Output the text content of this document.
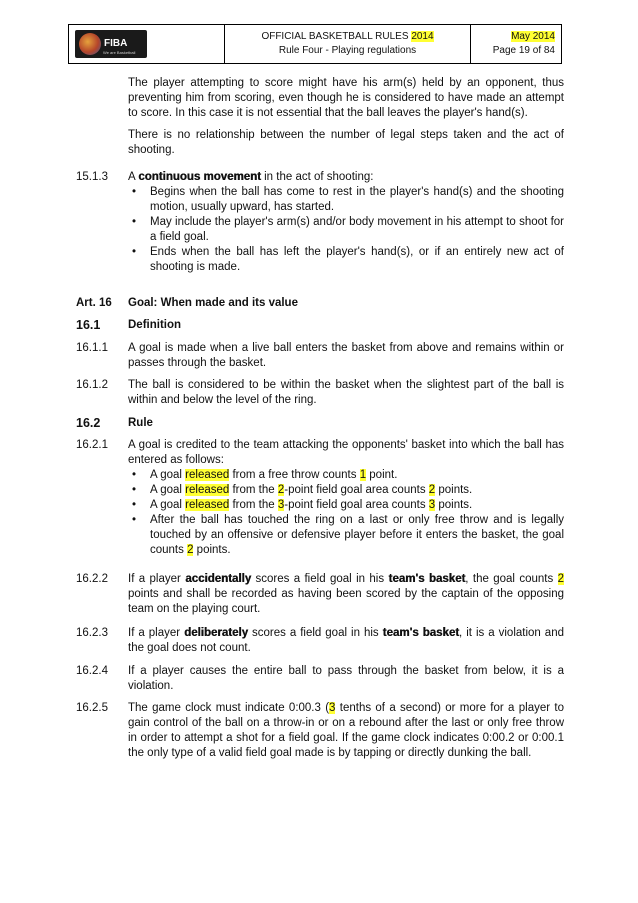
FIBA
We are Basketball
OFFICIAL BASKETBALL RULES 2014
Rule Four - Playing regulations
May 2014
Page 19 of 84
The player attempting to score might have his arm(s) held by an opponent, thus preventing him from scoring, even though he is considered to have made an attempt to score. In this case it is not essential that the ball leaves the player's hand(s).
There is no relationship between the number of legal steps taken and the act of shooting.
15.1.3	A continuous movement in the act of shooting:
• Begins when the ball has come to rest in the player's hand(s) and the shooting motion, usually upward, has started.
• May include the player's arm(s) and/or body movement in his attempt to shoot for a field goal.
• Ends when the ball has left the player's hand(s), or if an entirely new act of shooting is made.
Art. 16	Goal: When made and its value
16.1	Definition
16.1.1	A goal is made when a live ball enters the basket from above and remains within or passes through the basket.
16.1.2	The ball is considered to be within the basket when the slightest part of the ball is within and below the level of the ring.
16.2	Rule
16.2.1	A goal is credited to the team attacking the opponents' basket into which the ball has entered as follows:
• A goal released from a free throw counts 1 point.
• A goal released from the 2-point field goal area counts 2 points.
• A goal released from the 3-point field goal area counts 3 points.
• After the ball has touched the ring on a last or only free throw and is legally touched by an offensive or defensive player before it enters the basket, the goal counts 2 points.
16.2.2	If a player accidentally scores a field goal in his team's basket, the goal counts 2 points and shall be recorded as having been scored by the captain of the opposing team on the playing court.
16.2.3	If a player deliberately scores a field goal in his team's basket, it is a violation and the goal does not count.
16.2.4	If a player causes the entire ball to pass through the basket from below, it is a violation.
16.2.5	The game clock must indicate 0:00.3 (3 tenths of a second) or more for a player to gain control of the ball on a throw-in or on a rebound after the last or only free throw in order to attempt a shot for a field goal. If the game clock indicates 0:00.2 or 0:00.1 the only type of a valid field goal made is by tapping or directly dunking the ball.
